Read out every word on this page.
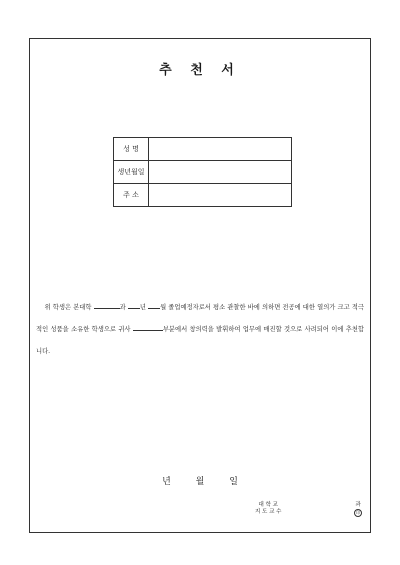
추 천 서
성 명	
생년월일	
주 소	
위 학생은 본대학	과 년 월 졸업예정자로서 평소 관찰한 바에 의하면 전공에 대한 열의가 크고 적극적인 성품을 소유한 학생으로 귀사	부분에서 창의력을 발휘하여 업무에 매진할 것으로 사려되어 이에 추천합니다.
년	월	일
대 학 교
지 도 교 수
과
印
